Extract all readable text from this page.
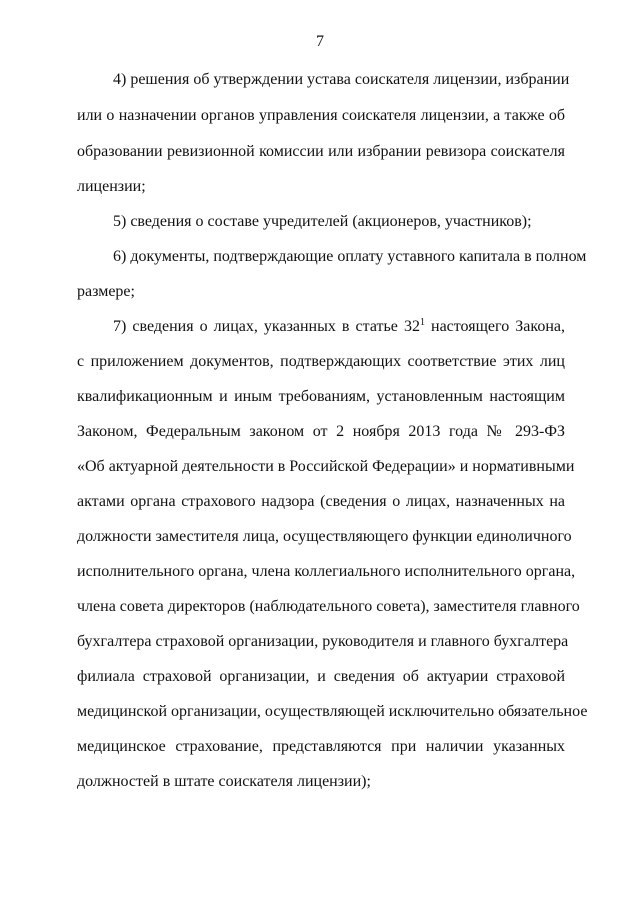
7
4) решения об утверждении устава соискателя лицензии, избрании
или о назначении органов управления соискателя лицензии, а также об
образовании ревизионной комиссии или избрании ревизора соискателя
лицензии;
5) сведения о составе учредителей (акционеров, участников);
6) документы, подтверждающие оплату уставного капитала в полном
размере;
7) сведения о лицах, указанных в статье $32^1$ настоящего Закона,
с приложением документов, подтверждающих соответствие этих лиц
квалификационным и иным требованиям, установленным настоящим
Законом, Федеральным законом от 2 ноября 2013 года № 293-ФЗ
«Об актуарной деятельности в Российской Федерации» и нормативными
актами органа страхового надзора (сведения о лицах, назначенных на
должности заместителя лица, осуществляющего функции единоличного
исполнительного органа, члена коллегиального исполнительного органа,
члена совета директоров (наблюдательного совета), заместителя главного
бухгалтера страховой организации, руководителя и главного бухгалтера
филиала страховой организации, и сведения об актуарии страховой
медицинской организации, осуществляющей исключительно обязательное
медицинское страхование, представляются при наличии указанных
должностей в штате соискателя лицензии);
